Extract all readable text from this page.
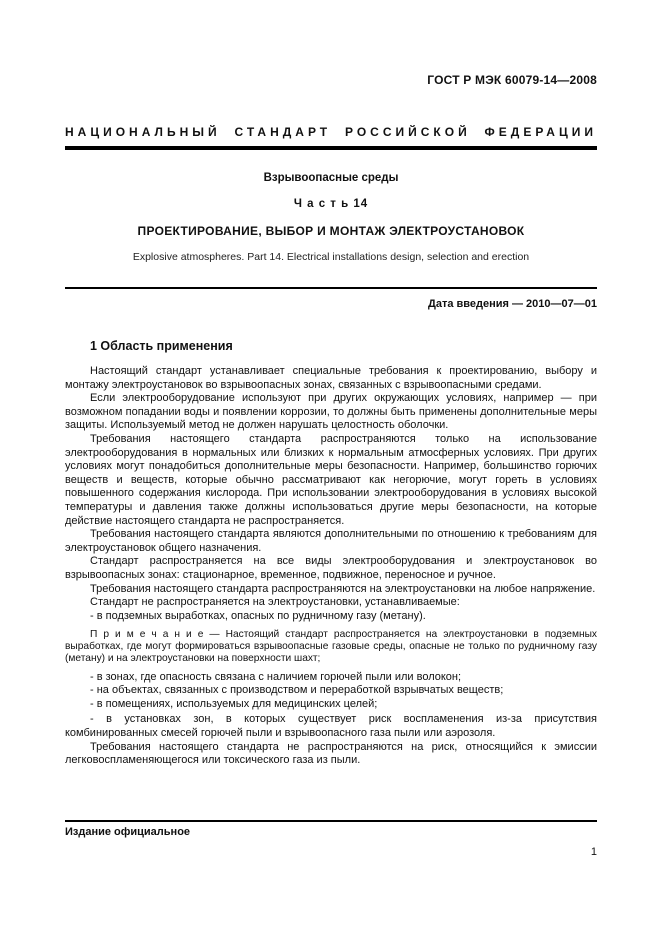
ГОСТ Р МЭК 60079-14—2008
НАЦИОНАЛЬНЫЙ СТАНДАРТ РОССИЙСКОЙ ФЕДЕРАЦИИ
Взрывоопасные среды
Ч а с т ь 14
ПРОЕКТИРОВАНИЕ, ВЫБОР И МОНТАЖ ЭЛЕКТРОУСТАНОВОК
Explosive atmospheres. Part 14. Electrical installations design, selection and erection
Дата введения — 2010—07—01
1 Область применения

Настоящий стандарт устанавливает специальные требования к проектированию, выбору и монтажу электроустановок во взрывоопасных зонах, связанных с взрывоопасными средами.

Если электрооборудование используют при других окружающих условиях, например — при возможном попадании воды и появлении коррозии, то должны быть применены дополнительные меры защиты. Используемый метод не должен нарушать целостность оболочки.

Требования настоящего стандарта распространяются только на использование электрооборудования в нормальных или близких к нормальным атмосферных условиях. При других условиях могут понадобиться дополнительные меры безопасности. Например, большинство горючих веществ и веществ, которые обычно рассматривают как негорючие, могут гореть в условиях повышенного содержания кислорода. При использовании электрооборудования в условиях высокой температуры и давления также должны использоваться другие меры безопасности, на которые действие настоящего стандарта не распространяется.

Требования настоящего стандарта являются дополнительными по отношению к требованиям для электроустановок общего назначения.

Стандарт распространяется на все виды электрооборудования и электроустановок во взрывоопасных зонах: стационарное, временное, подвижное, переносное и ручное.

Требования настоящего стандарта распространяются на электроустановки на любое напряжение.

Стандарт не распространяется на электроустановки, устанавливаемые:

- в подземных выработках, опасных по рудничному газу (метану).

П р и м е ч а н и е — Настоящий стандарт распространяется на электроустановки в подземных выработках, где могут формироваться взрывоопасные газовые среды, опасные не только по рудничному газу (метану) и на электроустановки на поверхности шахт;

- в зонах, где опасность связана с наличием горючей пыли или волокон;

- на объектах, связанных с производством и переработкой взрывчатых веществ;

- в помещениях, используемых для медицинских целей;

- в установках зон, в которых существует риск воспламенения из-за присутствия комбинированных смесей горючей пыли и взрывоопасного газа пыли или аэрозоля.

Требования настоящего стандарта не распространяются на риск, относящийся к эмиссии легковоспламеняющегося или токсического газа из пыли.

Издание официальное
1
